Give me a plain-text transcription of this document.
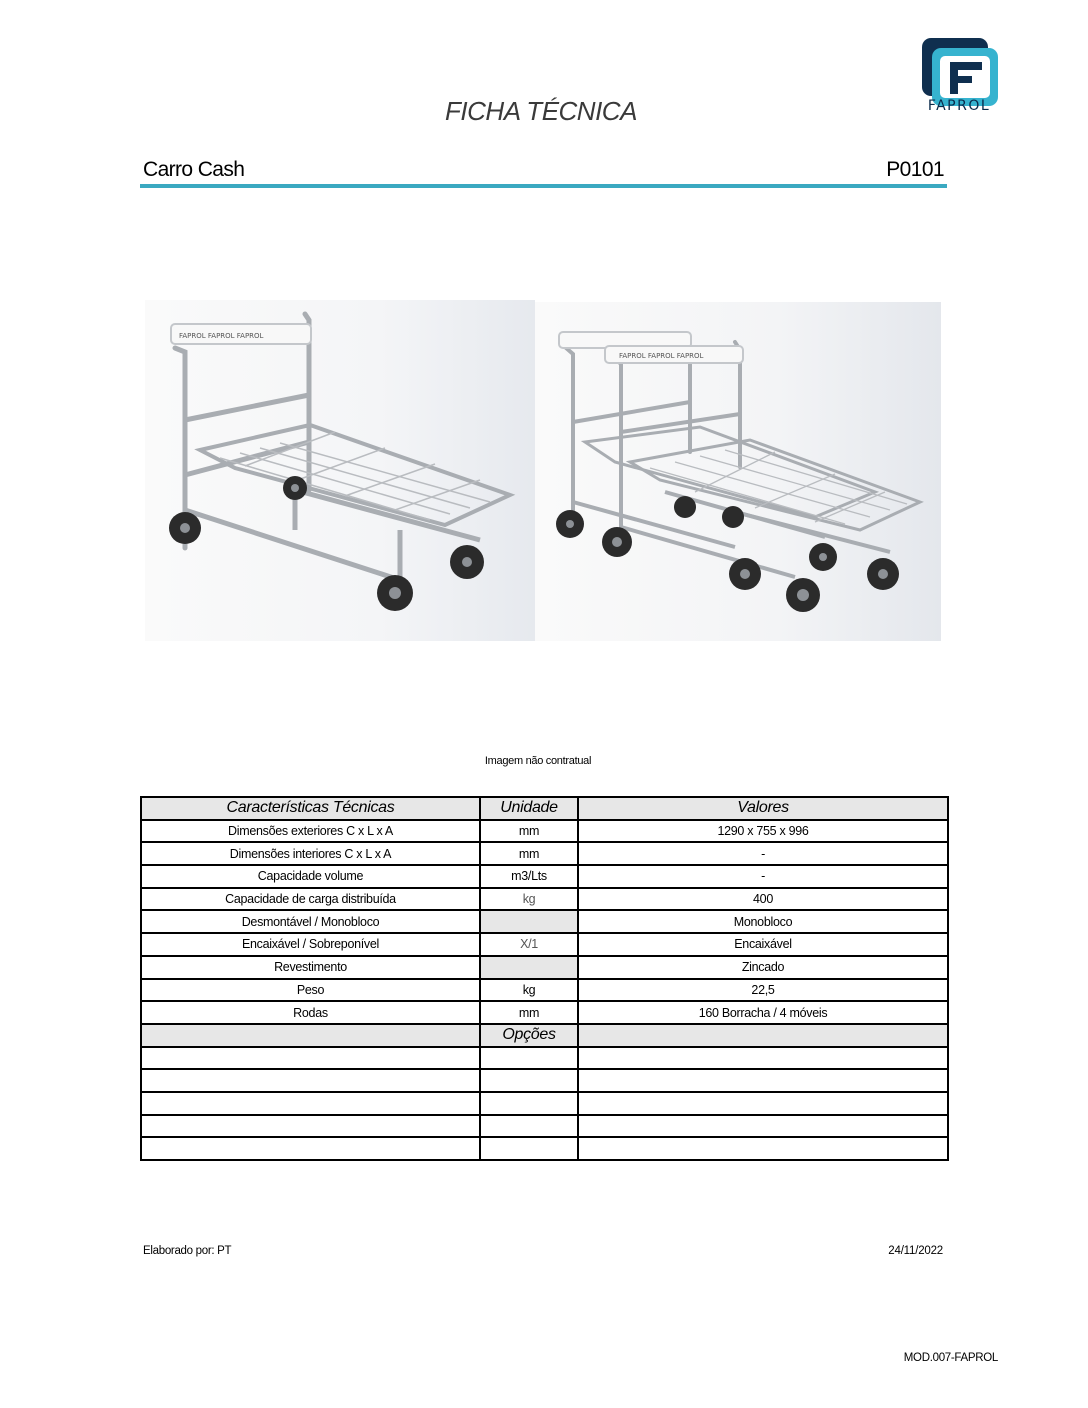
FAPROL
FICHA TÉCNICA
Carro Cash	P0101
FAPROL FAPROL FAPROL
FAPROL FAPROL FAPROL
Imagem não contratual
Características Técnicas	Unidade	Valores
Dimensões exteriores C x L x A	mm	1290 x 755 x 996
Dimensões interiores C x L x A	mm	-
Capacidade volume	m3/Lts	-
Capacidade de carga distribuída	kg	400
Desmontável / Monobloco		Monobloco
Encaixável / Sobreponível	X/1	Encaixável
Revestimento		Zincado
Peso	kg	22,5
Rodas	mm	160 Borracha / 4 móveis
	Opções	

Elaborado por: PT	24/11/2022
MOD.007-FAPROL
